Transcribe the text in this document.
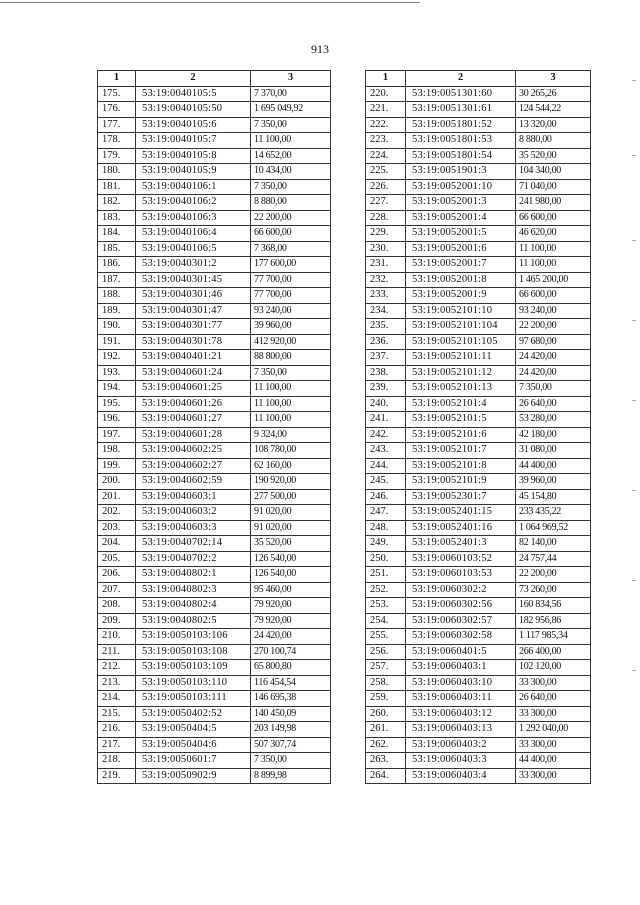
913
1	2	3
175.	53:19:0040105:5	7 370,00
176.	53:19:0040105:50	1 695 049,92
177.	53:19:0040105:6	7 350,00
178.	53:19:0040105:7	11 100,00
179.	53:19:0040105:8	14 652,00
180.	53:19:0040105:9	10 434,00
181.	53:19:0040106:1	7 350,00
182.	53:19:0040106:2	8 880,00
183.	53:19:0040106:3	22 200,00
184.	53:19:0040106:4	66 600,00
185.	53:19:0040106:5	7 368,00
186.	53:19:0040301:2	177 600,00
187.	53:19:0040301:45	77 700,00
188.	53:19:0040301:46	77 700,00
189.	53:19:0040301:47	93 240,00
190.	53:19:0040301:77	39 960,00
191.	53:19:0040301:78	412 920,00
192.	53:19:0040401:21	88 800,00
193.	53:19:0040601:24	7 350,00
194.	53:19:0040601:25	11 100,00
195.	53:19:0040601:26	11 100,00
196.	53:19:0040601:27	11 100,00
197.	53:19:0040601:28	9 324,00
198.	53:19:0040602:25	108 780,00
199.	53:19:0040602:27	62 160,00
200.	53:19:0040602:59	190 920,00
201.	53:19:0040603:1	277 500,00
202.	53:19:0040603:2	91 020,00
203.	53:19:0040603:3	91 020,00
204.	53:19:0040702:14	35 520,00
205.	53:19:0040702:2	126 540,00
206.	53:19:0040802:1	126 540,00
207.	53:19:0040802:3	95 460,00
208.	53:19:0040802:4	79 920,00
209.	53:19:0040802:5	79 920,00
210.	53:19:0050103:106	24 420,00
211.	53:19:0050103:108	270 100,74
212.	53:19:0050103:109	65 800,80
213.	53:19:0050103:110	116 454,54
214.	53:19:0050103:111	146 695,38
215.	53:19:0050402:52	140 450,09
216.	53:19:0050404:5	203 149,98
217.	53:19:0050404:6	507 307,74
218.	53:19:0050601:7	7 350,00
219.	53:19:0050902:9	8 899,98
1	2	3
220.	53:19:0051301:60	30 265,26
221.	53:19:0051301:61	124 544,22
222.	53:19:0051801:52	13 320,00
223.	53:19:0051801:53	8 880,00
224.	53:19:0051801:54	35 520,00
225.	53:19:0051901:3	104 340,00
226.	53:19:0052001:10	71 040,00
227.	53:19:0052001:3	241 980,00
228.	53:19:0052001:4	66 600,00
229.	53:19:0052001:5	46 620,00
230.	53:19:0052001:6	11 100,00
231.	53:19:0052001:7	11 100,00
232.	53:19:0052001:8	1 465 200,00
233.	53:19:0052001:9	66 600,00
234.	53:19:0052101:10	93 240,00
235.	53:19:0052101:104	22 200,00
236.	53:19:0052101:105	97 680,00
237.	53:19:0052101:11	24 420,00
238.	53:19:0052101:12	24 420,00
239.	53:19:0052101:13	7 350,00
240.	53:19:0052101:4	26 640,00
241.	53:19:0052101:5	53 280,00
242.	53:19:0052101:6	42 180,00
243.	53:19:0052101:7	31 080,00
244.	53:19:0052101:8	44 400,00
245.	53:19:0052101:9	39 960,00
246.	53:19:0052301:7	45 154,80
247.	53:19:0052401:15	233 435,22
248.	53:19:0052401:16	1 064 969,52
249.	53:19:0052401:3	82 140,00
250.	53:19:0060103:52	24 757,44
251.	53:19:0060103:53	22 200,00
252.	53:19:0060302:2	73 260,00
253.	53:19:0060302:56	160 834,56
254.	53:19:0060302:57	182 956,86
255.	53:19:0060302:58	1 117 985,34
256.	53:19:0060401:5	266 400,00
257.	53:19:0060403:1	102 120,00
258.	53:19:0060403:10	33 300,00
259.	53:19:0060403:11	26 640,00
260.	53:19:0060403:12	33 300,00
261.	53:19:0060403:13	1 292 040,00
262.	53:19:0060403:2	33 300,00
263.	53:19:0060403:3	44 400,00
264.	53:19:0060403:4	33 300,00
